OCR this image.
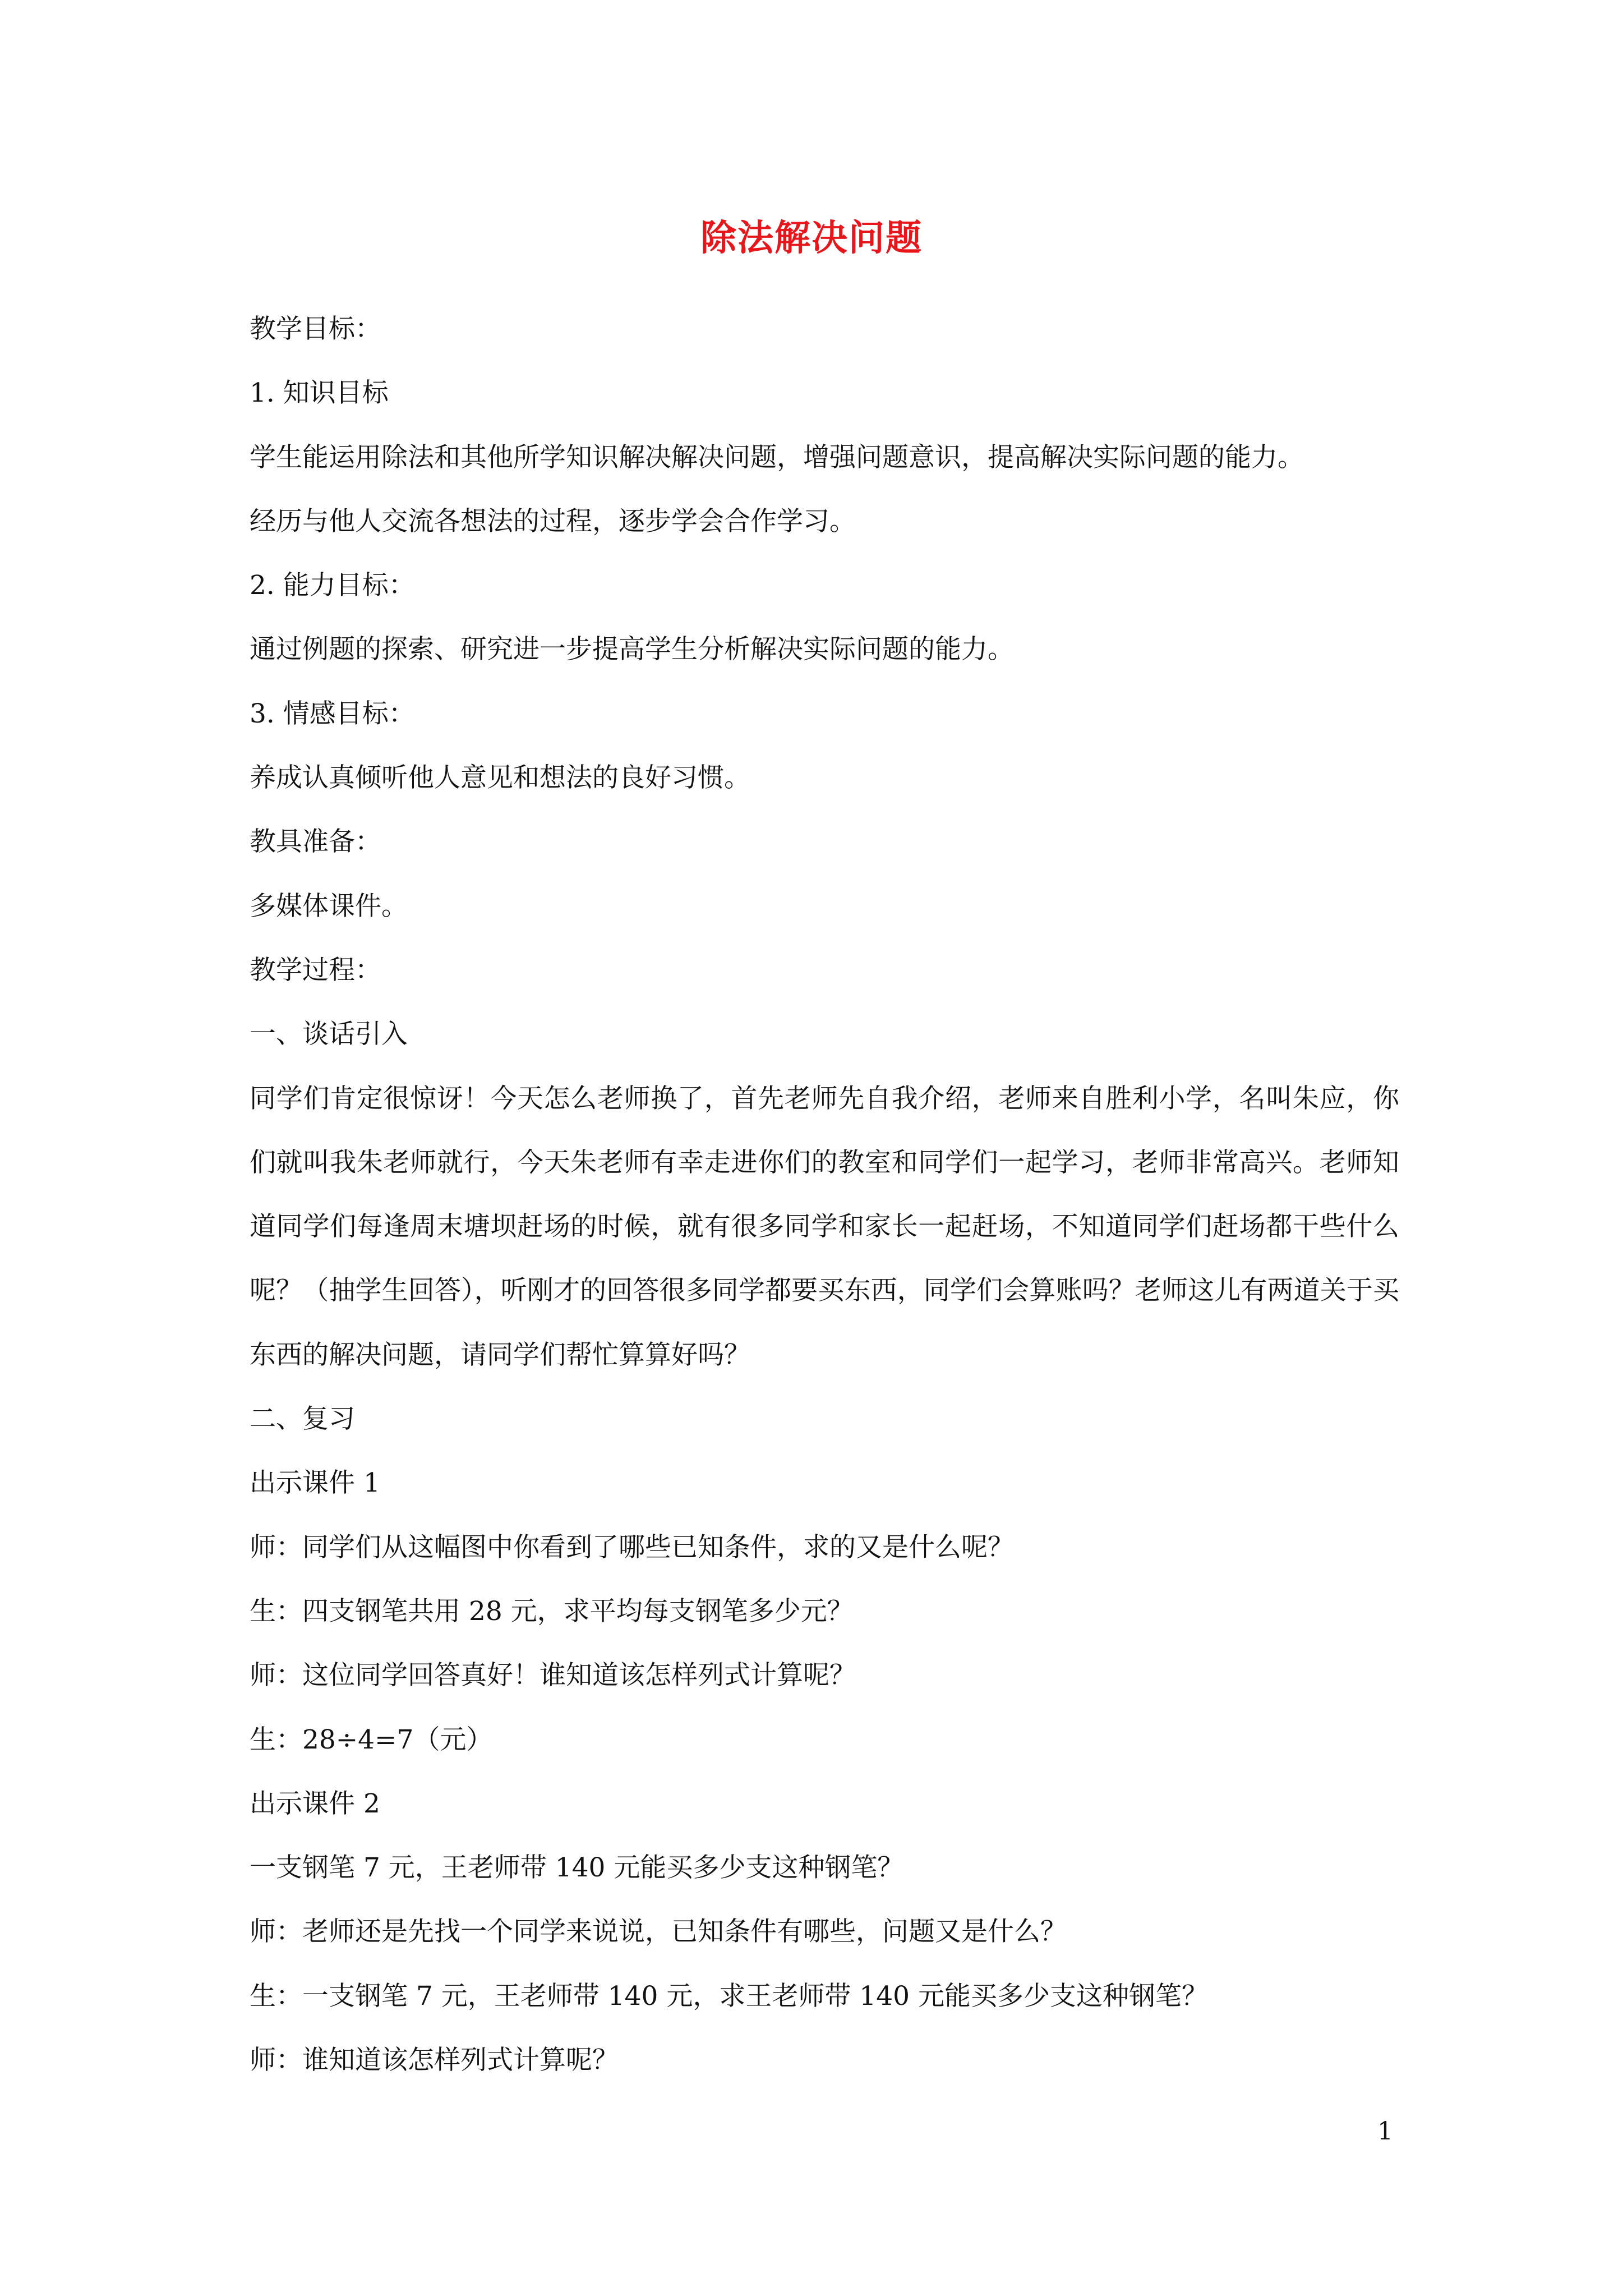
除法解决问题

教学目标：

1. 知识目标

学生能运用除法和其他所学知识解决解决问题，增强问题意识，提高解决实际问题的能力。

经历与他人交流各想法的过程，逐步学会合作学习。

2. 能力目标：

通过例题的探索、研究进一步提高学生分析解决实际问题的能力。

3. 情感目标：

养成认真倾听他人意见和想法的良好习惯。

教具准备：

多媒体课件。

教学过程：

一、谈话引入

同学们肯定很惊讶！今天怎么老师换了，首先老师先自我介绍，老师来自胜利小学，名叫朱应，你们就叫我朱老师就行，今天朱老师有幸走进你们的教室和同学们一起学习，老师非常高兴。老师知道同学们每逢周末塘坝赶场的时候，就有很多同学和家长一起赶场，不知道同学们赶场都干些什么呢？（抽学生回答），听刚才的回答很多同学都要买东西，同学们会算账吗？老师这儿有两道关于买东西的解决问题，请同学们帮忙算算好吗？

二、复习

出示课件 1

师：同学们从这幅图中你看到了哪些已知条件，求的又是什么呢？

生：四支钢笔共用 28 元，求平均每支钢笔多少元？

师：这位同学回答真好！谁知道该怎样列式计算呢？

生：28÷4=7（元）

出示课件 2

一支钢笔 7 元，王老师带 140 元能买多少支这种钢笔？

师：老师还是先找一个同学来说说，已知条件有哪些，问题又是什么？

生：一支钢笔 7 元，王老师带 140 元，求王老师带 140 元能买多少支这种钢笔？

师：谁知道该怎样列式计算呢？

1
